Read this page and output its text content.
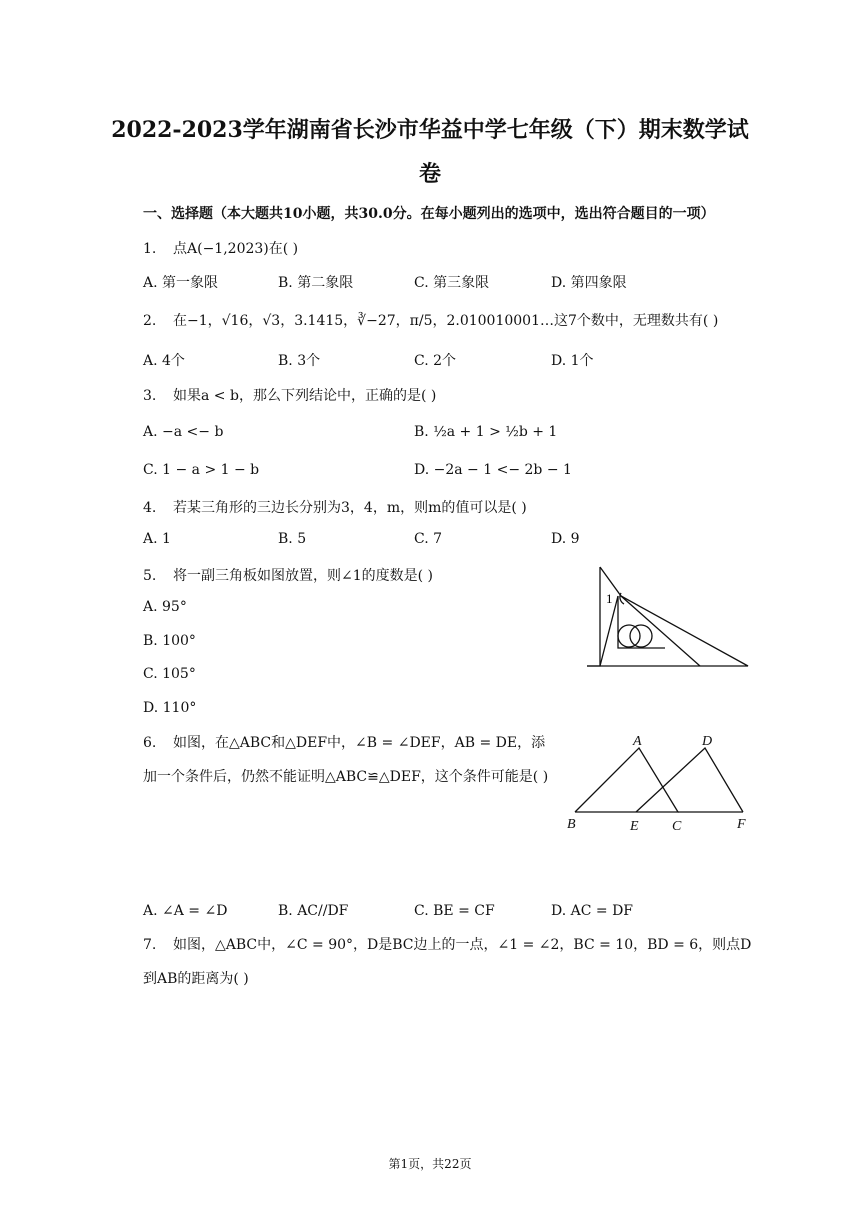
2022-2023学年湖南省长沙市华益中学七年级（下）期末数学试
卷
一、选择题（本大题共10小题，共30.0分。在每小题列出的选项中，选出符合题目的一项）
1. 点A(−1,2023)在( )
A. 第一象限	B. 第二象限	C. 第三象限	D. 第四象限
2. 在−1，√16，√3，3.1415，∛−27，π/5，2.010010001…这7个数中，无理数共有( )
A. 4个	B. 3个	C. 2个	D. 1个
3. 如果a < b，那么下列结论中，正确的是( )
A. −a <− b	B. ½a + 1 > ½b + 1
C. 1 − a > 1 − b	D. −2a − 1 <− 2b − 1
4. 若某三角形的三边长分别为3，4，m，则m的值可以是( )
A. 1	B. 5	C. 7	D. 9
5. 将一副三角板如图放置，则∠1的度数是( )
A. 95°
B. 100°
C. 105°
D. 110°
1
6. 如图，在△ABC和△DEF中，∠B = ∠DEF，AB = DE，添加一个条件后，仍然不能证明△ABC≌△DEF，这个条件可能是( )
A	D
B	E C	F
A. ∠A = ∠D	B. AC//DF	C. BE = CF	D. AC = DF
7. 如图，△ABC中，∠C = 90°，D是BC边上的一点，∠1 = ∠2，BC = 10，BD = 6，则点D到AB的距离为( )
第1页，共22页
